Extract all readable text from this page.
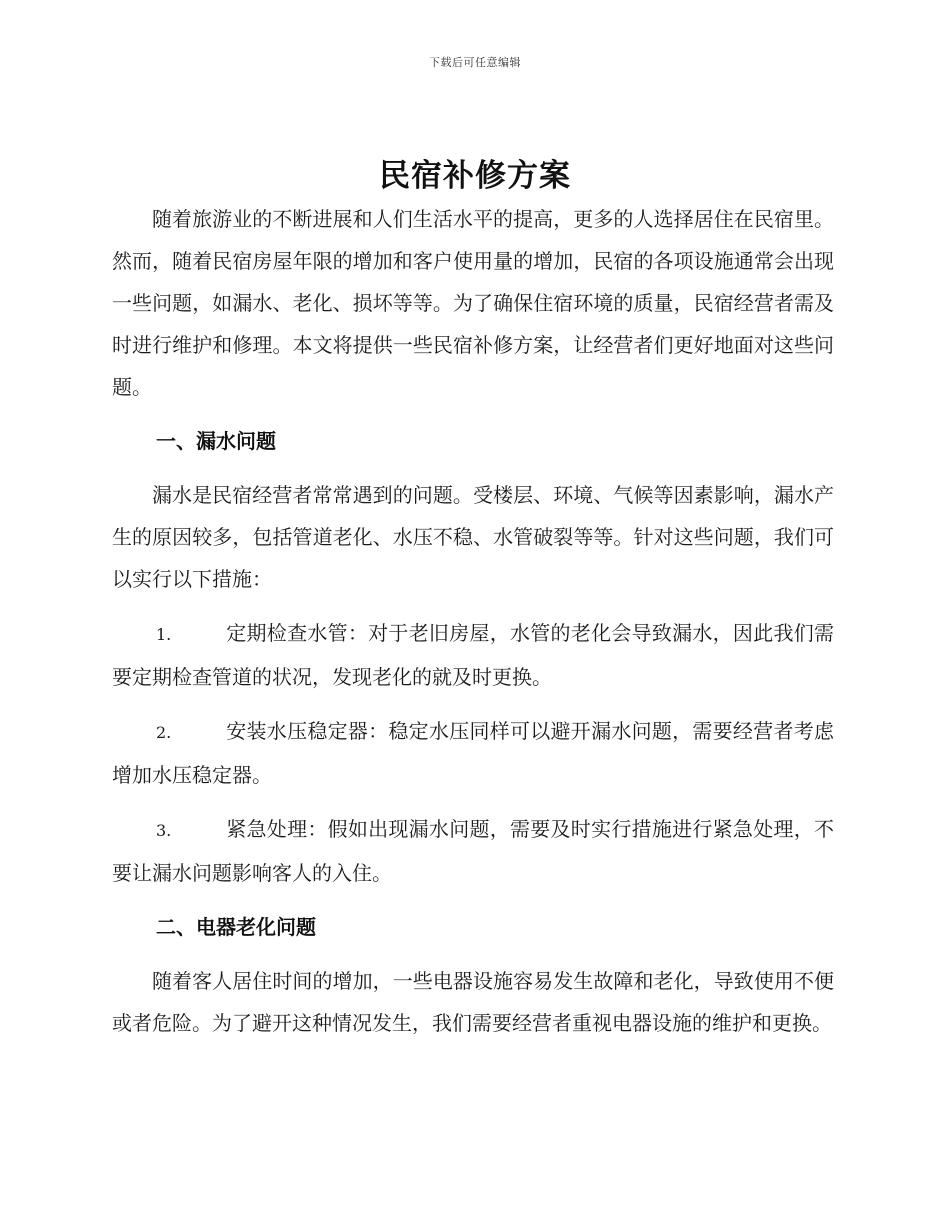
下载后可任意编辑
民宿补修方案

随着旅游业的不断进展和人们生活水平的提高，更多的人选择居住在民宿里。然而，随着民宿房屋年限的增加和客户使用量的增加，民宿的各项设施通常会出现一些问题，如漏水、老化、损坏等等。为了确保住宿环境的质量，民宿经营者需及时进行维护和修理。本文将提供一些民宿补修方案，让经营者们更好地面对这些问题。

一、漏水问题

漏水是民宿经营者常常遇到的问题。受楼层、环境、气候等因素影响，漏水产生的原因较多，包括管道老化、水压不稳、水管破裂等等。针对这些问题，我们可以实行以下措施：

1.	定期检查水管：对于老旧房屋，水管的老化会导致漏水，因此我们需要定期检查管道的状况，发现老化的就及时更换。

2.	安装水压稳定器：稳定水压同样可以避开漏水问题，需要经营者考虑增加水压稳定器。

3.	紧急处理：假如出现漏水问题，需要及时实行措施进行紧急处理，不要让漏水问题影响客人的入住。

二、电器老化问题

随着客人居住时间的增加，一些电器设施容易发生故障和老化，导致使用不便或者危险。为了避开这种情况发生，我们需要经营者重视电器设施的维护和更换。
